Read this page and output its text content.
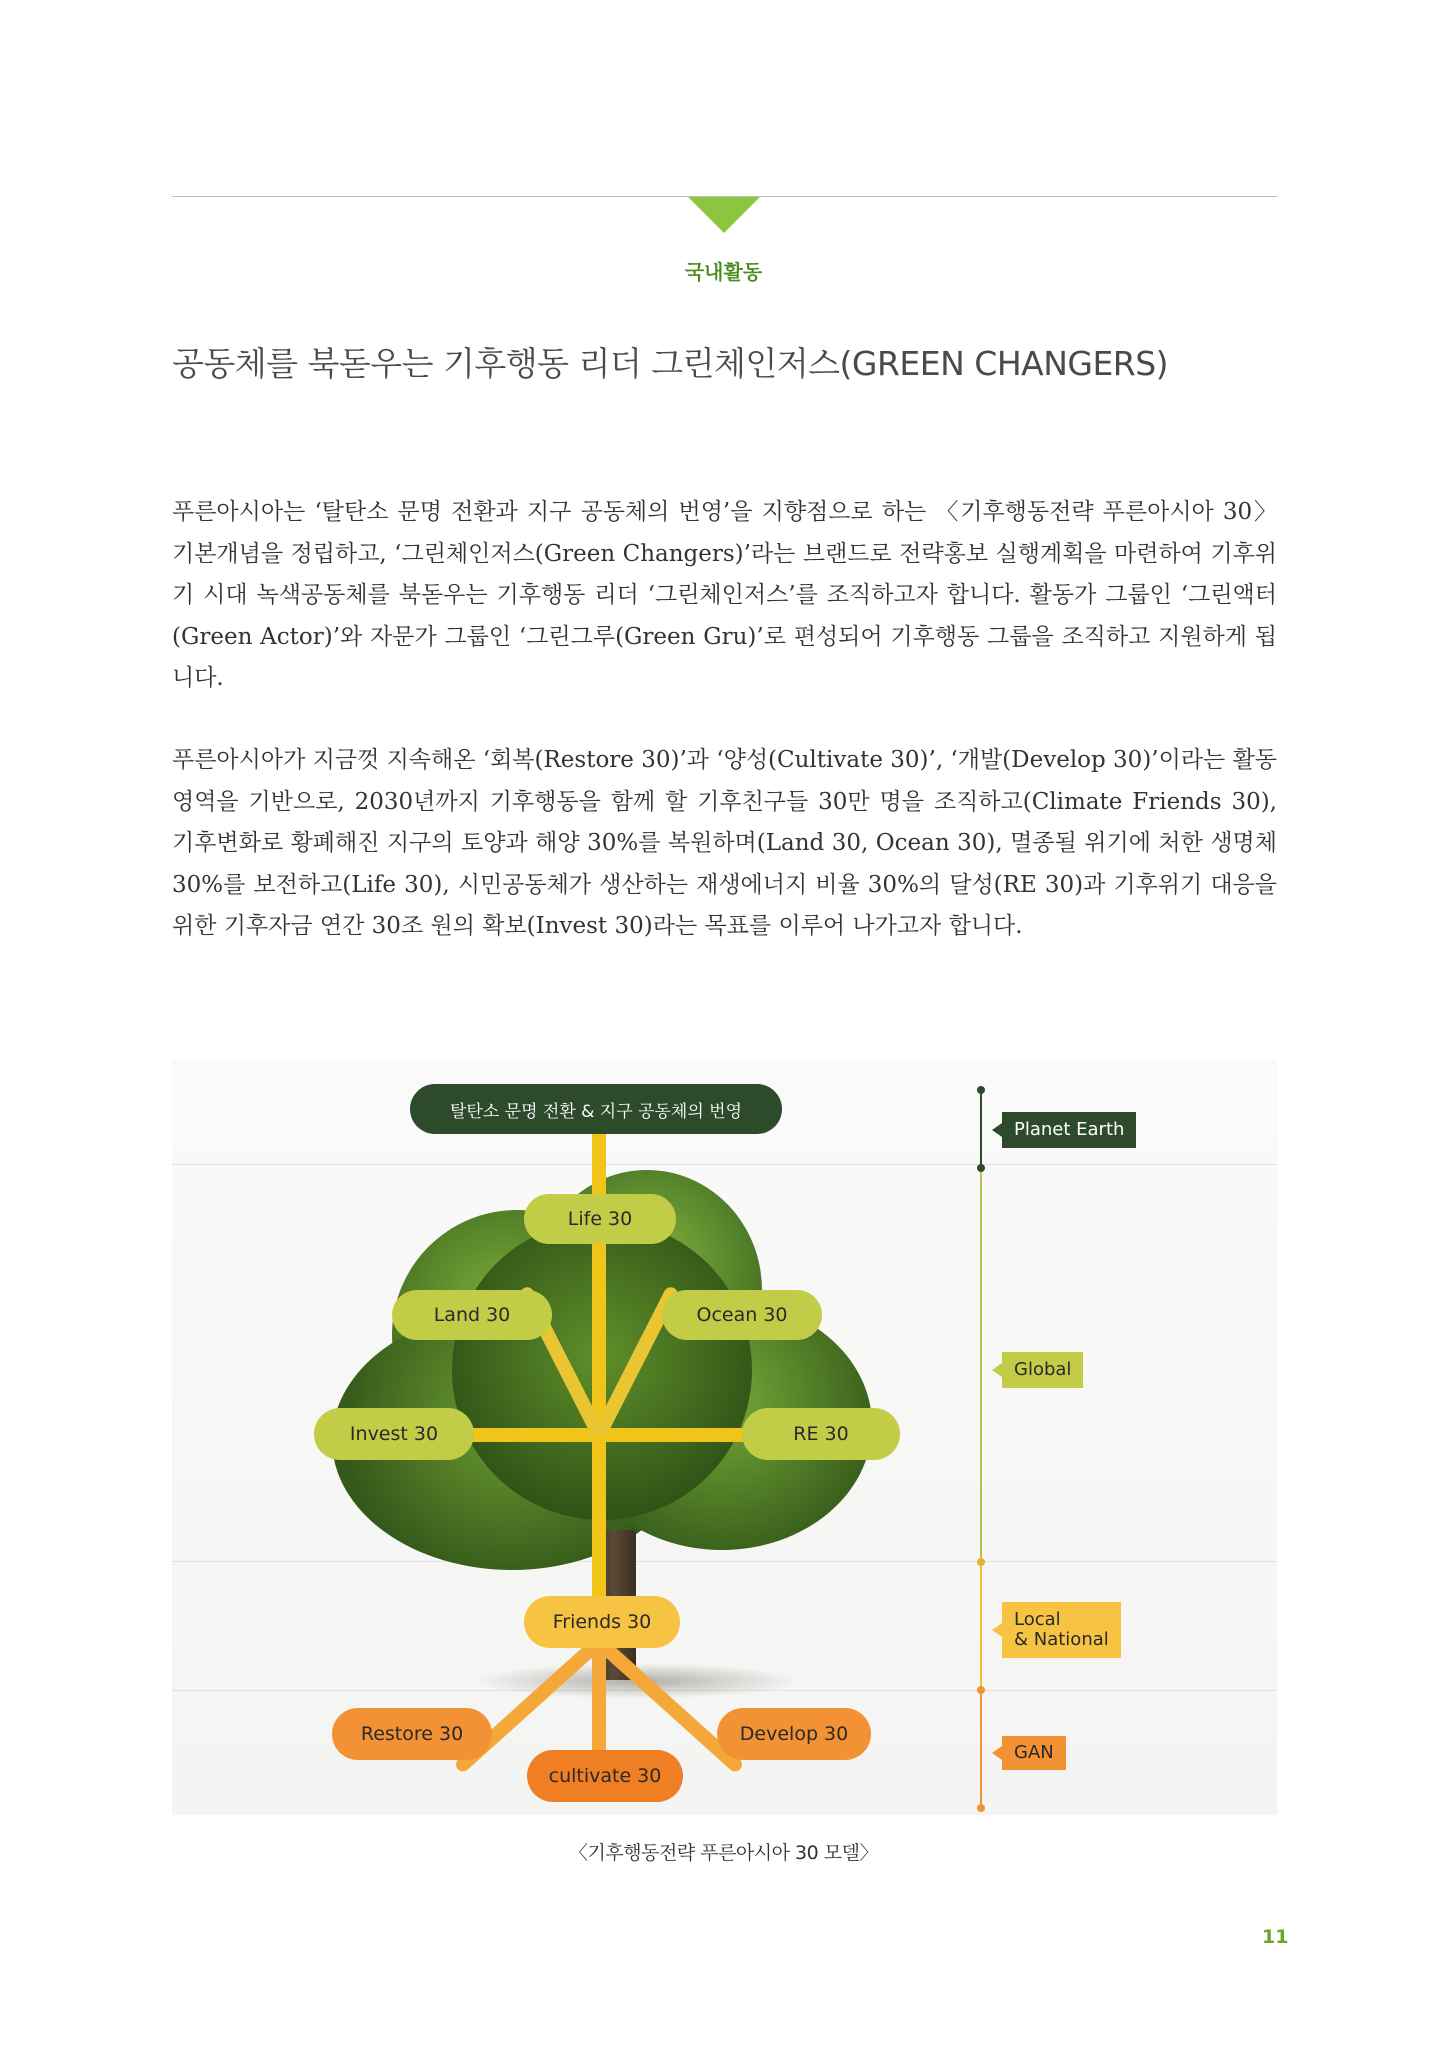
국내활동
공동체를 북돋우는 기후행동 리더 그린체인저스(GREEN CHANGERS)

푸른아시아는 ‘탈탄소 문명 전환과 지구 공동체의 번영’을 지향점으로 하는 〈기후행동전략 푸른아시아 30〉 기본개념을 정립하고, ‘그린체인저스(Green Changers)’라는 브랜드로 전략홍보 실행계획을 마련하여 기후위기 시대 녹색공동체를 북돋우는 기후행동 리더 ‘그린체인저스’를 조직하고자 합니다. 활동가 그룹인 ‘그린액터(Green Actor)’와 자문가 그룹인 ‘그린그루(Green Gru)’로 편성되어 기후행동 그룹을 조직하고 지원하게 됩니다.

푸른아시아가 지금껏 지속해온 ‘회복(Restore 30)’과 ‘양성(Cultivate 30)’, ‘개발(Develop 30)’이라는 활동영역을 기반으로, 2030년까지 기후행동을 함께 할 기후친구들 30만 명을 조직하고(Climate Friends 30), 기후변화로 황폐해진 지구의 토양과 해양 30%를 복원하며(Land 30, Ocean 30), 멸종될 위기에 처한 생명체 30%를 보전하고(Life 30), 시민공동체가 생산하는 재생에너지 비율 30%의 달성(RE 30)과 기후위기 대응을 위한 기후자금 연간 30조 원의 확보(Invest 30)라는 목표를 이루어 나가고자 합니다.

탈탄소 문명 전환 & 지구 공동체의 번영
Life 30
Land 30	Ocean 30
Invest 30	RE 30
Friends 30
Restore 30	Develop 30
cultivate 30
Planet Earth
Global
Local
& National
GAN
〈기후행동전략 푸른아시아 30 모델〉
11
